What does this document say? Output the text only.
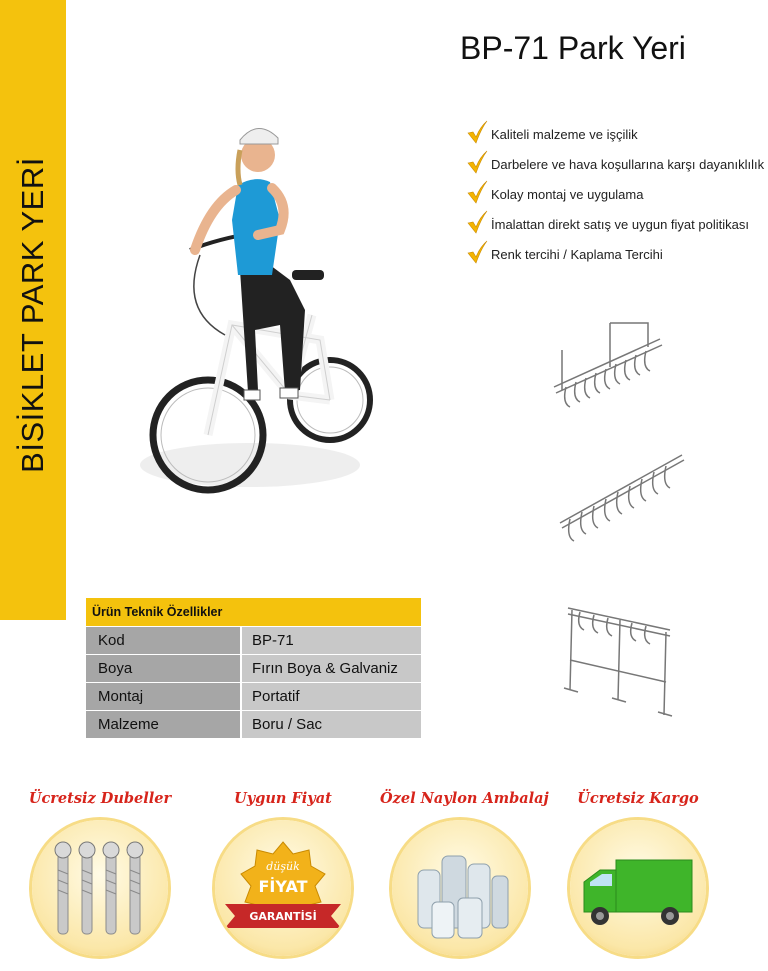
BİSİKLET PARK YERİ
BP-71 Park Yeri
Kaliteli malzeme ve işçilik
Darbelere ve hava koşullarına karşı dayanıklılık
Kolay montaj ve uygulama
İmalattan direkt satış ve uygun fiyat politikası
Renk tercihi / Kaplama Tercihi
Ürün Teknik Özellikler
Kod	BP-71
Boya	Fırın Boya & Galvaniz
Montaj	Portatif
Malzeme	Boru / Sac
Ücretsiz Dubeller	Uygun Fiyat
düşük
FİYAT
GARANTİSİ
Özel Naylon Ambalaj	Ücretsiz Kargo
